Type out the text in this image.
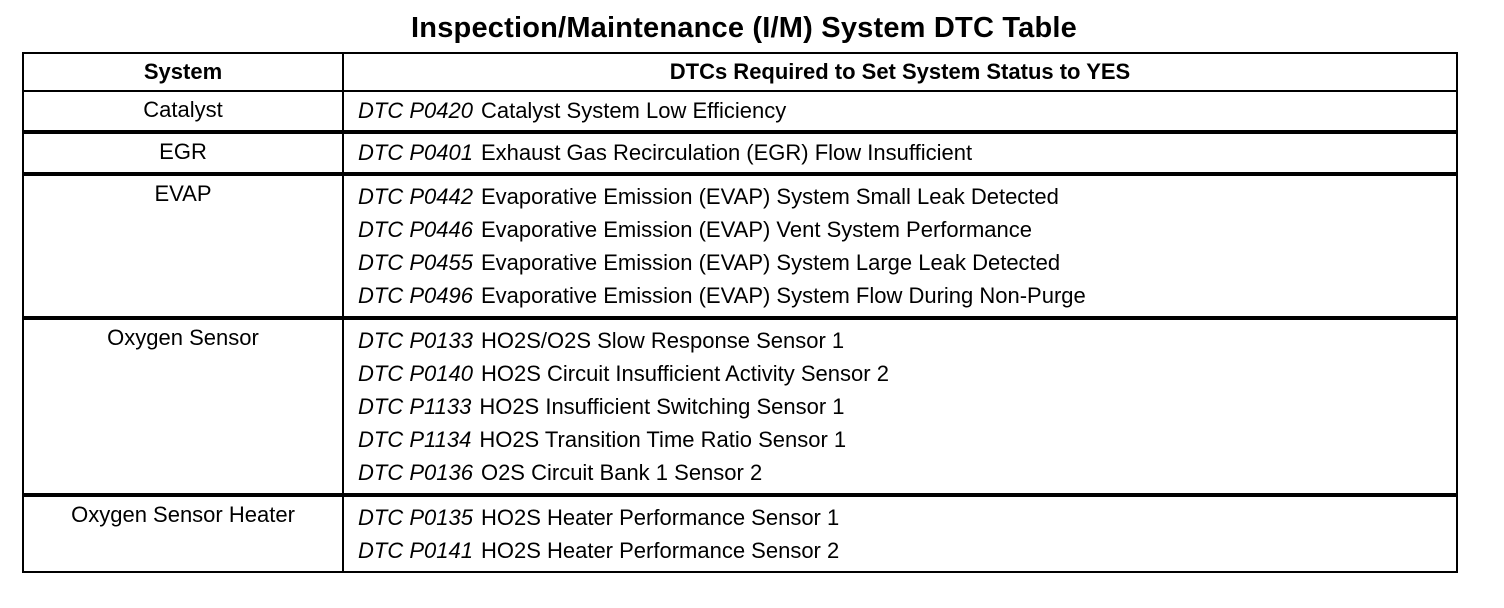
Inspection/Maintenance (I/M) System DTC Table
System	DTCs Required to Set System Status to YES
Catalyst	DTC P0420 Catalyst System Low Efficiency

EGR	DTC P0401 Exhaust Gas Recirculation (EGR) Flow Insufficient

EVAP	DTC P0442 Evaporative Emission (EVAP) System Small Leak Detected
DTC P0446 Evaporative Emission (EVAP) Vent System Performance
DTC P0455 Evaporative Emission (EVAP) System Large Leak Detected
DTC P0496 Evaporative Emission (EVAP) System Flow During Non-Purge

Oxygen Sensor	DTC P0133 HO2S/O2S Slow Response Sensor 1
DTC P0140 HO2S Circuit Insufficient Activity Sensor 2
DTC P1133 HO2S Insufficient Switching Sensor 1
DTC P1134 HO2S Transition Time Ratio Sensor 1
DTC P0136 O2S Circuit Bank 1 Sensor 2

Oxygen Sensor Heater	DTC P0135 HO2S Heater Performance Sensor 1
DTC P0141 HO2S Heater Performance Sensor 2
